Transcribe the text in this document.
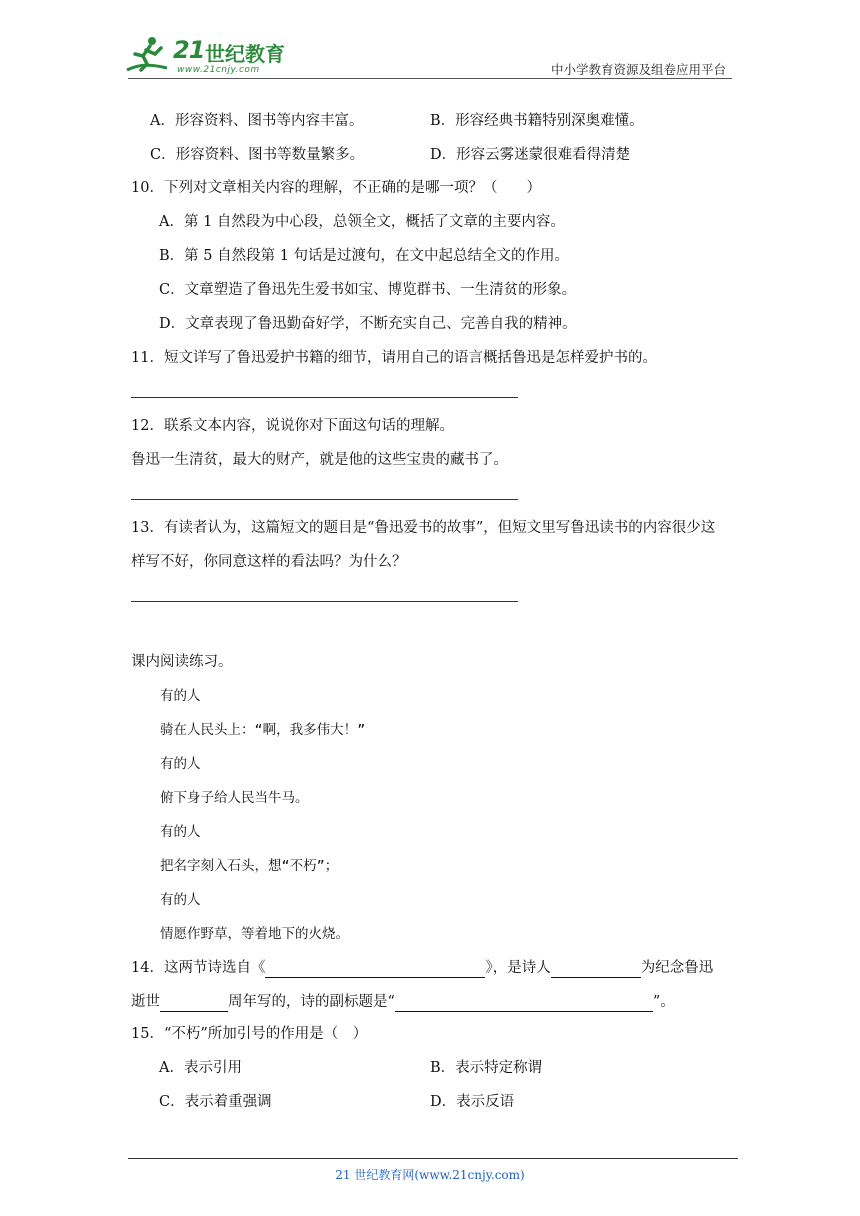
21 世纪教育
www.21cnjy.com	中小学教育资源及组卷应用平台
A．形容资料、图书等内容丰富。	B．形容经典书籍特别深奥难懂。
C．形容资料、图书等数量繁多。	D．形容云雾迷蒙很难看得清楚
10．下列对文章相关内容的理解，不正确的是哪一项？（　　）
A．第 1 自然段为中心段，总领全文，概括了文章的主要内容。
B．第 5 自然段第 1 句话是过渡句，在文中起总结全文的作用。
C．文章塑造了鲁迅先生爱书如宝、博览群书、一生清贫的形象。
D．文章表现了鲁迅勤奋好学，不断充实自己、完善自我的精神。
11．短文详写了鲁迅爱护书籍的细节，请用自己的语言概括鲁迅是怎样爱护书的。
12．联系文本内容，说说你对下面这句话的理解。
鲁迅一生清贫，最大的财产，就是他的这些宝贵的藏书了。
13．有读者认为，这篇短文的题目是“鲁迅爱书的故事”，但短文里写鲁迅读书的内容很少这
样写不好，你同意这样的看法吗？为什么？
课内阅读练习。
有的人
骑在人民头上：“啊，我多伟大！”
有的人
俯下身子给人民当牛马。
有的人
把名字刻入石头，想“不朽”；
有的人
情愿作野草，等着地下的火烧。
14．这两节诗选自《	》，是诗人	为纪念鲁迅
逝世	周年写的，诗的副标题是“	”。
15．“不朽”所加引号的作用是（　）
A．表示引用	B．表示特定称谓
C．表示着重强调	D．表示反语
21 世纪教育网(www.21cnjy.com)
